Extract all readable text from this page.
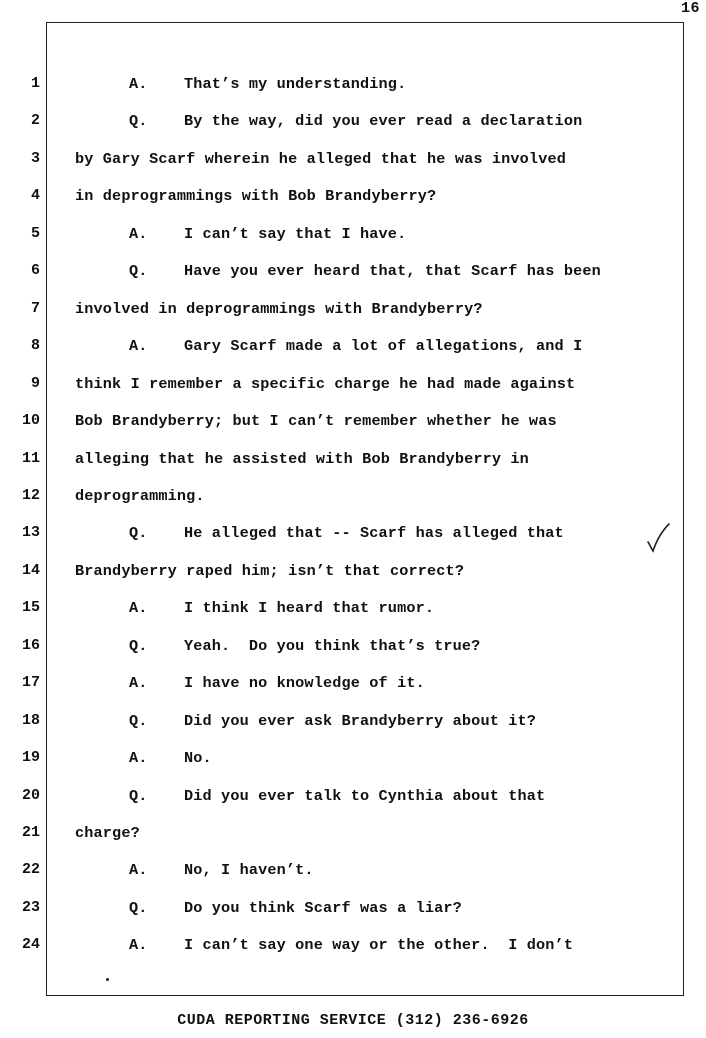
16
1	A. That’s my understanding.
2	Q. By the way, did you ever read a declaration
3 by Gary Scarf wherein he alleged that he was involved
4 in deprogrammings with Bob Brandyberry?
5	A. I can’t say that I have.
6	Q. Have you ever heard that, that Scarf has been
7 involved in deprogrammings with Brandyberry?
8	A. Gary Scarf made a lot of allegations, and I
9 think I remember a specific charge he had made against
10 Bob Brandyberry; but I can’t remember whether he was
11 alleging that he assisted with Bob Brandyberry in
12 deprogramming.
13	Q. He alleged that -- Scarf has alleged that
14 Brandyberry raped him; isn’t that correct?
15	A. I think I heard that rumor.
16	Q. Yeah.  Do you think that’s true?
17	A. I have no knowledge of it.
18	Q. Did you ever ask Brandyberry about it?
19	A. No.
20	Q. Did you ever talk to Cynthia about that
21 charge?
22	A. No, I haven’t.
23	Q. Do you think Scarf was a liar?
24	A. I can’t say one way or the other.  I don’t
CUDA REPORTING SERVICE (312) 236-6926
